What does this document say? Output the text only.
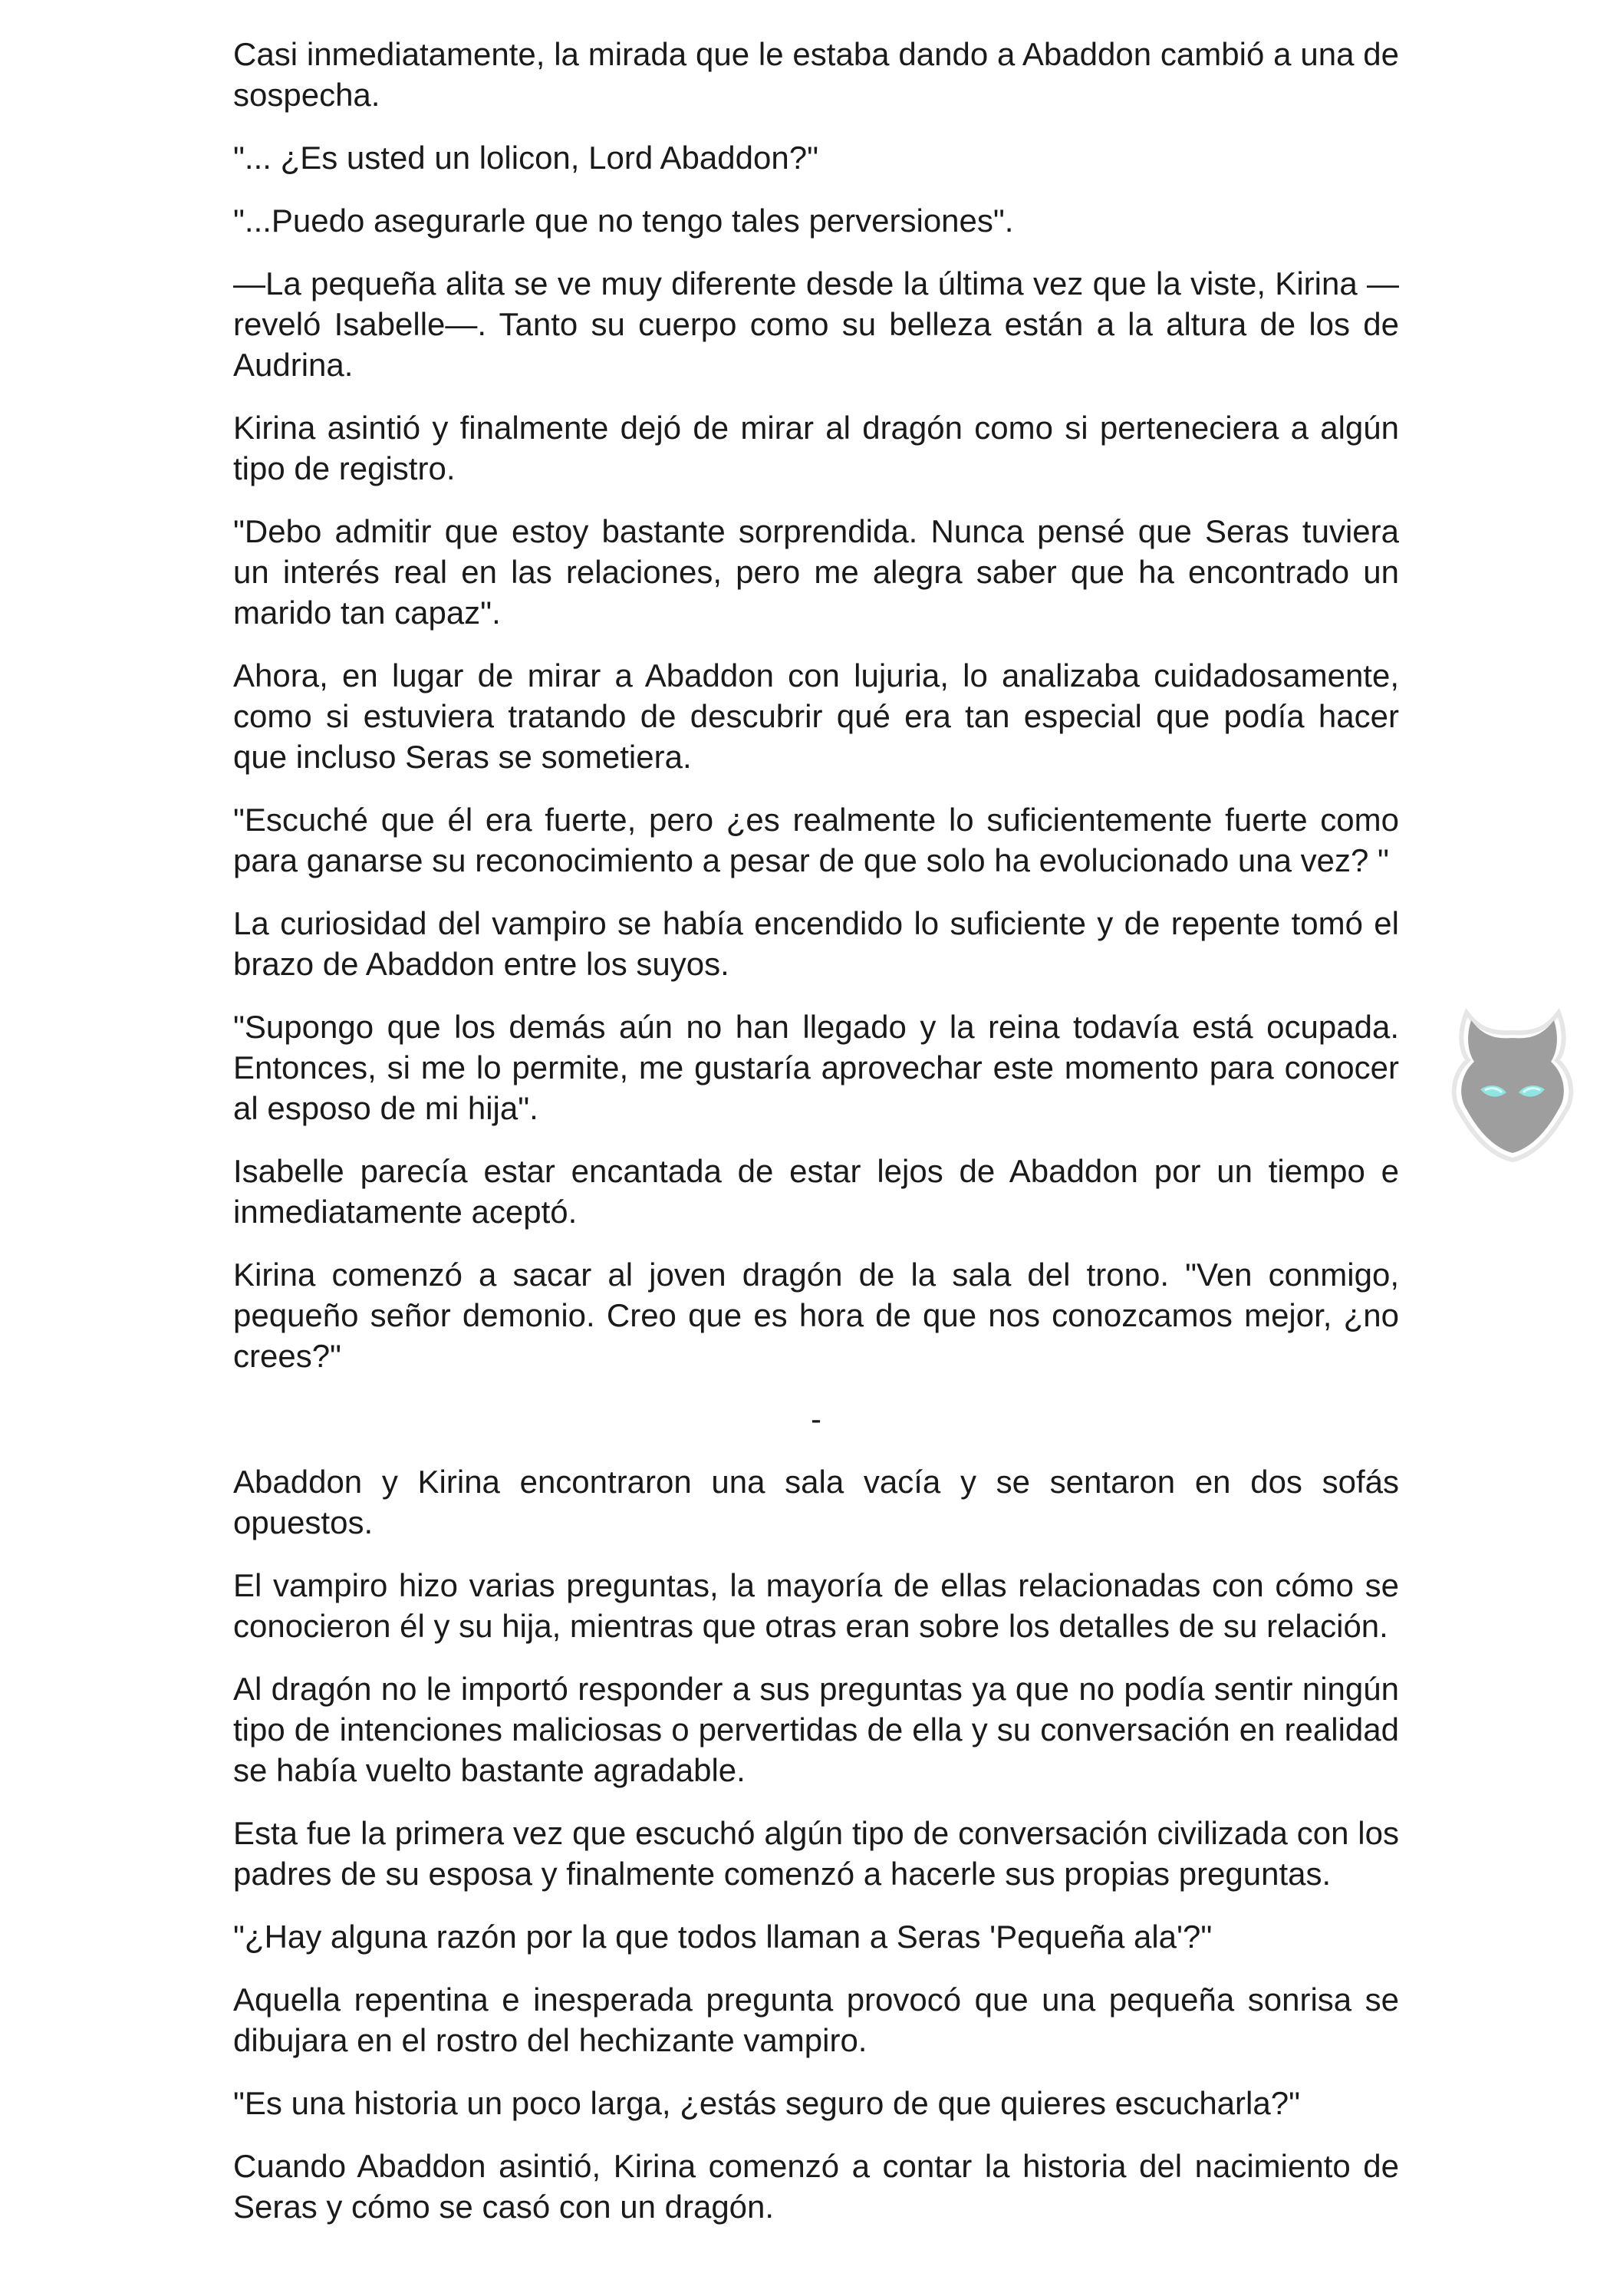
Casi inmediatamente, la mirada que le estaba dando a Abaddon cambió a una de sospecha.

"... ¿Es usted un lolicon, Lord Abaddon?"

"...Puedo asegurarle que no tengo tales perversiones".

—La pequeña alita se ve muy diferente desde la última vez que la viste, Kirina —reveló Isabelle—. Tanto su cuerpo como su belleza están a la altura de los de Audrina.

Kirina asintió y finalmente dejó de mirar al dragón como si perteneciera a algún tipo de registro.

"Debo admitir que estoy bastante sorprendida. Nunca pensé que Seras tuviera un interés real en las relaciones, pero me alegra saber que ha encontrado un marido tan capaz".

Ahora, en lugar de mirar a Abaddon con lujuria, lo analizaba cuidadosamente, como si estuviera tratando de descubrir qué era tan especial que podía hacer que incluso Seras se sometiera.

"Escuché que él era fuerte, pero ¿es realmente lo suficientemente fuerte como para ganarse su reconocimiento a pesar de que solo ha evolucionado una vez? "

La curiosidad del vampiro se había encendido lo suficiente y de repente tomó el brazo de Abaddon entre los suyos.

"Supongo que los demás aún no han llegado y la reina todavía está ocupada. Entonces, si me lo permite, me gustaría aprovechar este momento para conocer al esposo de mi hija".

Isabelle parecía estar encantada de estar lejos de Abaddon por un tiempo e inmediatamente aceptó.

Kirina comenzó a sacar al joven dragón de la sala del trono. "Ven conmigo, pequeño señor demonio. Creo que es hora de que nos conozcamos mejor, ¿no crees?"

-

Abaddon y Kirina encontraron una sala vacía y se sentaron en dos sofás opuestos.

El vampiro hizo varias preguntas, la mayoría de ellas relacionadas con cómo se conocieron él y su hija, mientras que otras eran sobre los detalles de su relación.

Al dragón no le importó responder a sus preguntas ya que no podía sentir ningún tipo de intenciones maliciosas o pervertidas de ella y su conversación en realidad se había vuelto bastante agradable.

Esta fue la primera vez que escuchó algún tipo de conversación civilizada con los padres de su esposa y finalmente comenzó a hacerle sus propias preguntas.

"¿Hay alguna razón por la que todos llaman a Seras 'Pequeña ala'?"

Aquella repentina e inesperada pregunta provocó que una pequeña sonrisa se dibujara en el rostro del hechizante vampiro.

"Es una historia un poco larga, ¿estás seguro de que quieres escucharla?"

Cuando Abaddon asintió, Kirina comenzó a contar la historia del nacimiento de Seras y cómo se casó con un dragón.
